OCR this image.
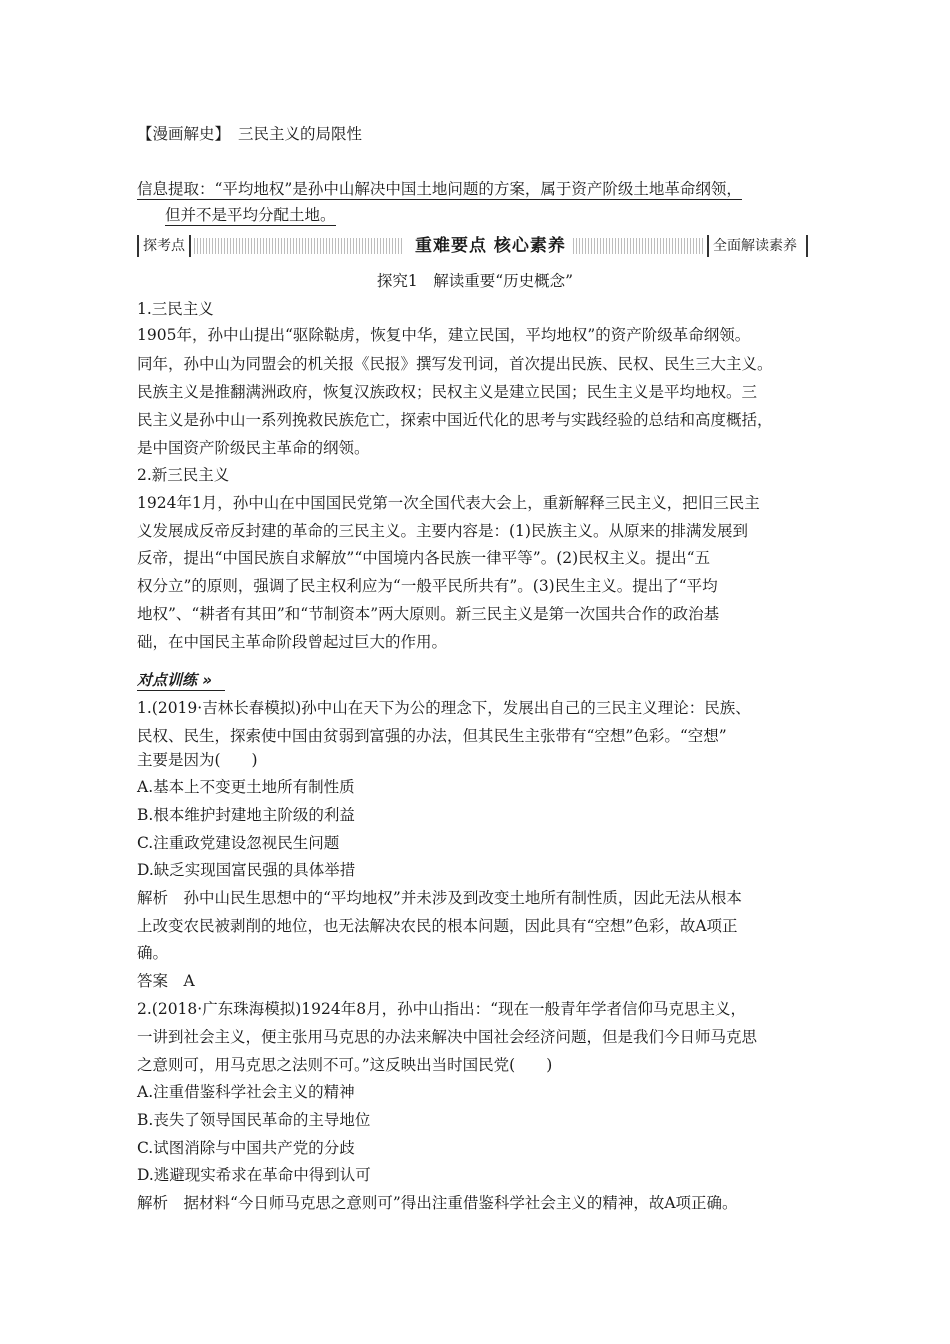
【漫画解史】 三民主义的局限性
信息提取：“平均地权”是孙中山解决中国土地问题的方案，属于资产阶级土地革命纲领，
但并不是平均分配土地。
探考点	重难要点 核心素养	全面解读素养
探究1　解读重要“历史概念”
1.三民主义
1905年，孙中山提出“驱除鞑虏，恢复中华，建立民国，平均地权”的资产阶级革命纲领。
同年，孙中山为同盟会的机关报《民报》撰写发刊词，首次提出民族、民权、民生三大主义。
民族主义是推翻满洲政府，恢复汉族政权；民权主义是建立民国；民生主义是平均地权。三
民主义是孙中山一系列挽救民族危亡，探索中国近代化的思考与实践经验的总结和高度概括，
是中国资产阶级民主革命的纲领。
2.新三民主义
1924年1月，孙中山在中国国民党第一次全国代表大会上，重新解释三民主义，把旧三民主
义发展成反帝反封建的革命的三民主义。主要内容是：(1)民族主义。从原来的排满发展到
反帝，提出“中国民族自求解放”“中国境内各民族一律平等”。(2)民权主义。提出“五
权分立”的原则，强调了民主权利应为“一般平民所共有”。(3)民生主义。提出了“平均
地权”、“耕者有其田”和“节制资本”两大原则。新三民主义是第一次国共合作的政治基
础，在中国民主革命阶段曾起过巨大的作用。
对点训练 »
1.(2019·吉林长春模拟)孙中山在天下为公的理念下，发展出自己的三民主义理论：民族、
民权、民生，探索使中国由贫弱到富强的办法，但其民生主张带有“空想”色彩。“空想”
主要是因为(　　)
A.基本上不变更土地所有制性质
B.根本维护封建地主阶级的利益
C.注重政党建设忽视民生问题
D.缺乏实现国富民强的具体举措
解析　孙中山民生思想中的“平均地权”并未涉及到改变土地所有制性质，因此无法从根本
上改变农民被剥削的地位，也无法解决农民的根本问题，因此具有“空想”色彩，故A项正
确。
答案　A
2.(2018·广东珠海模拟)1924年8月，孙中山指出：“现在一般青年学者信仰马克思主义，
一讲到社会主义，便主张用马克思的办法来解决中国社会经济问题，但是我们今日师马克思
之意则可，用马克思之法则不可。”这反映出当时国民党(　　)
A.注重借鉴科学社会主义的精神
B.丧失了领导国民革命的主导地位
C.试图消除与中国共产党的分歧
D.逃避现实希求在革命中得到认可
解析　据材料“今日师马克思之意则可”得出注重借鉴科学社会主义的精神，故A项正确。
